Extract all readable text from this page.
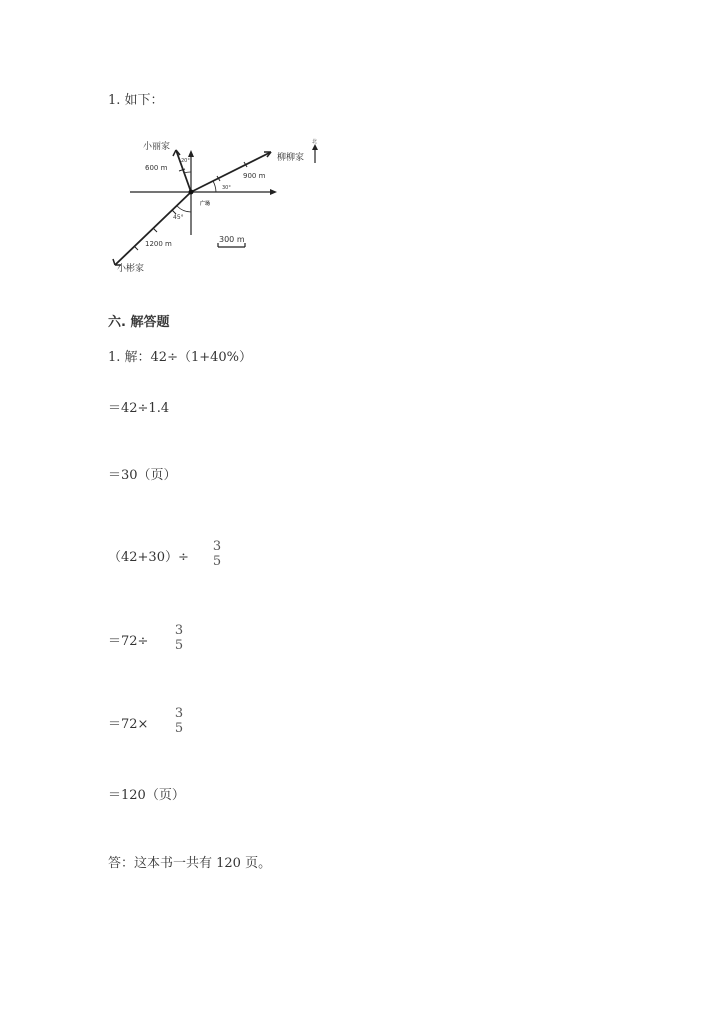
1. 如下：
小丽家
柳柳家
小彬家
广场
北
600 m
900 m
1200 m	300 m
20°
30°
45°
六. 解答题
1. 解：42÷（1+40%）
＝42÷1.4
＝30（页）
（42+30）÷
3
5
＝72÷
3
5
＝72×
3
5
＝120（页）
答：这本书一共有 120 页。
